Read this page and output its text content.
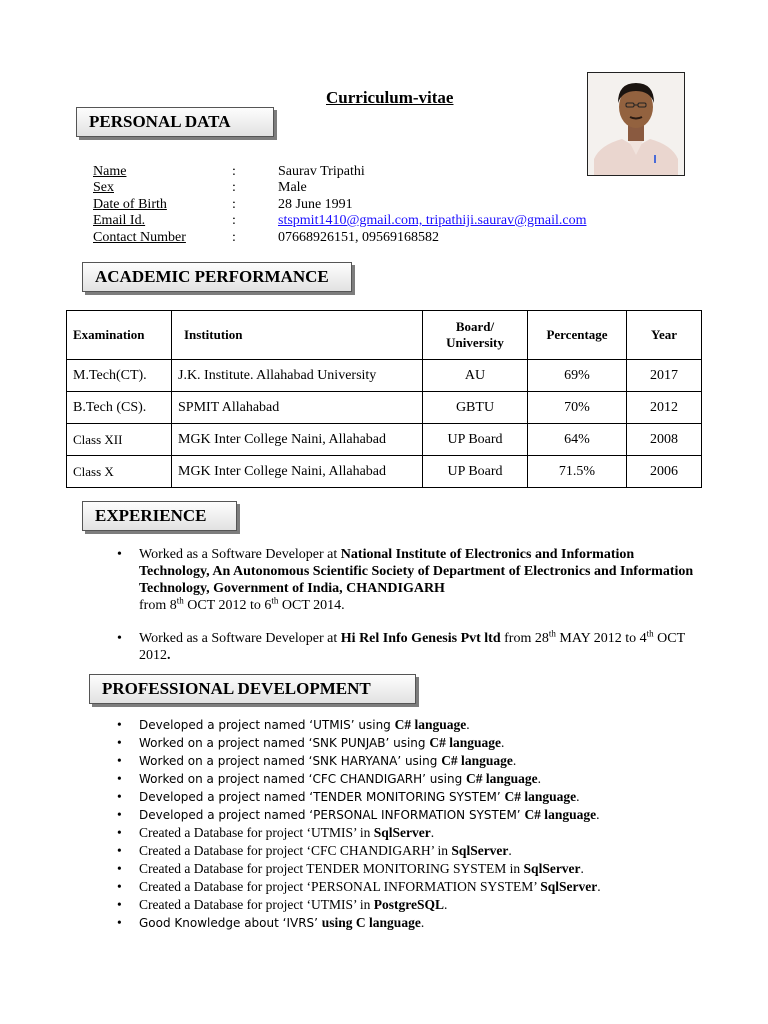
Curriculum-vitae
PERSONAL DATA
Name	:	Saurav Tripathi
Sex	:	Male
Date of Birth	:	28 June 1991
Email Id.	:	stspmit1410@gmail.com, tripathiji.saurav@gmail.com
Contact Number	:	07668926151, 09569168582
ACADEMIC PERFORMANCE
Examination	Institution	Board/ University	Percentage	Year
M.Tech(CT).	J.K. Institute. Allahabad University	AU	69%	2017
B.Tech (CS).	SPMIT Allahabad	GBTU	70%	2012
Class XII	MGK Inter College Naini, Allahabad	UP Board	64%	2008
Class X	MGK Inter College Naini, Allahabad	UP Board	71.5%	2006
EXPERIENCE
• Worked as a Software Developer at National Institute of Electronics and Information Technology, An Autonomous Scientific Society of Department of Electronics and Information Technology, Government of India, CHANDIGARH
from 8th OCT 2012 to 6th OCT 2014.
• Worked as a Software Developer at Hi Rel Info Genesis Pvt ltd from 28th MAY 2012 to 4th OCT 2012.
PROFESSIONAL DEVELOPMENT
• Developed a project named ‘UTMIS’ using C# language.
• Worked on a project named ‘SNK PUNJAB’ using C# language.
• Worked on a project named ‘SNK HARYANA’ using C# language.
• Worked on a project named ‘CFC CHANDIGARH’ using C# language.
• Developed a project named ‘TENDER MONITORING SYSTEM’ C# language.
• Developed a project named ‘PERSONAL INFORMATION SYSTEM’ C# language.
• Created a Database for project ‘UTMIS’ in SqlServer.
• Created a Database for project ‘CFC CHANDIGARH’ in SqlServer.
• Created a Database for project TENDER MONITORING SYSTEM in SqlServer.
• Created a Database for project ‘PERSONAL INFORMATION SYSTEM’ SqlServer.
• Created a Database for project ‘UTMIS’ in PostgreSQL.
• Good Knowledge about ‘IVRS’ using C language.
